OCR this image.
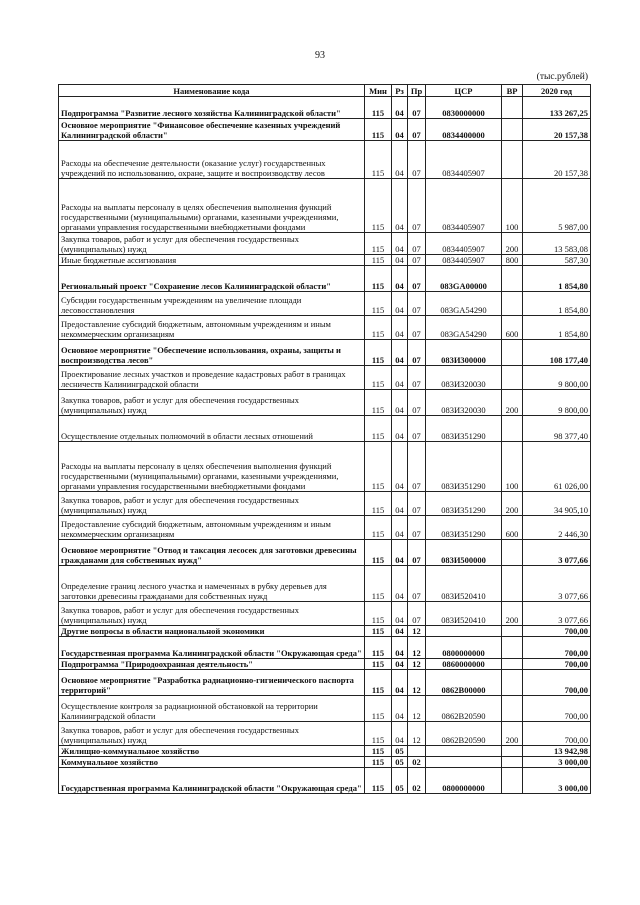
93
(тыс.рублей)
Наименование кода	Мин	Рз	Пр	ЦСР	ВР	2020 год
Подпрограмма "Развитие лесного хозяйства Калининградской области"	115	04	07	0830000000		133 267,25
Основное мероприятие "Финансовое обеспечение казенных учреждений Калининградской области"	115	04	07	0834400000		20 157,38
Расходы на обеспечение деятельности (оказание услуг) государственных учреждений по использованию, охране, защите и воспроизводству лесов	115	04	07	0834405907		20 157,38
Расходы на выплаты персоналу в целях обеспечения выполнения функций государственными (муниципальными) органами, казенными учреждениями, органами управления государственными внебюджетными фондами	115	04	07	0834405907	100	5 987,00
Закупка товаров, работ и услуг для обеспечения государственных (муниципальных) нужд	115	04	07	0834405907	200	13 583,08
Иные бюджетные ассигнования	115	04	07	0834405907	800	587,30
Региональный проект "Сохранение лесов Калининградской области"	115	04	07	083GA00000		1 854,80
Субсидии государственным учреждениям на увеличение площади лесовосстановления	115	04	07	083GA54290		1 854,80
Предоставление субсидий бюджетным, автономным учреждениям и иным некоммерческим организациям	115	04	07	083GA54290	600	1 854,80
Основное мероприятие "Обеспечение использования, охраны, защиты и воспроизводства лесов"	115	04	07	083И300000		108 177,40
Проектирование лесных участков и проведение кадастровых работ в границах лесничеств Калининградской области	115	04	07	083И320030		9 800,00
Закупка товаров, работ и услуг для обеспечения государственных (муниципальных) нужд	115	04	07	083И320030	200	9 800,00
Осуществление отдельных полномочий в области лесных отношений	115	04	07	083И351290		98 377,40
Расходы на выплаты персоналу в целях обеспечения выполнения функций государственными (муниципальными) органами, казенными учреждениями, органами управления государственными внебюджетными фондами	115	04	07	083И351290	100	61 026,00
Закупка товаров, работ и услуг для обеспечения государственных (муниципальных) нужд	115	04	07	083И351290	200	34 905,10
Предоставление субсидий бюджетным, автономным учреждениям и иным некоммерческим организациям	115	04	07	083И351290	600	2 446,30
Основное мероприятие "Отвод и таксация лесосек для заготовки древесины гражданами для собственных нужд"	115	04	07	083И500000		3 077,66
Определение границ лесного участка и намеченных в рубку деревьев для заготовки древесины гражданами для собственных нужд	115	04	07	083И520410		3 077,66
Закупка товаров, работ и услуг для обеспечения государственных (муниципальных) нужд	115	04	07	083И520410	200	3 077,66
Другие вопросы в области национальной экономики	115	04	12			700,00
Государственная программа Калининградской области "Окружающая среда"	115	04	12	0800000000		700,00
Подпрограмма "Природоохранная деятельность"	115	04	12	0860000000		700,00
Основное мероприятие "Разработка радиационно-гигиенического паспорта территорий"	115	04	12	0862В00000		700,00
Осуществление контроля за радиационной обстановкой на территории Калининградской области	115	04	12	0862В20590		700,00
Закупка товаров, работ и услуг для обеспечения государственных (муниципальных) нужд	115	04	12	0862В20590	200	700,00
Жилищно-коммунальное хозяйство	115	05				13 942,98
Коммунальное хозяйство	115	05	02			3 000,00
Государственная программа Калининградской области "Окружающая среда"	115	05	02	0800000000		3 000,00
